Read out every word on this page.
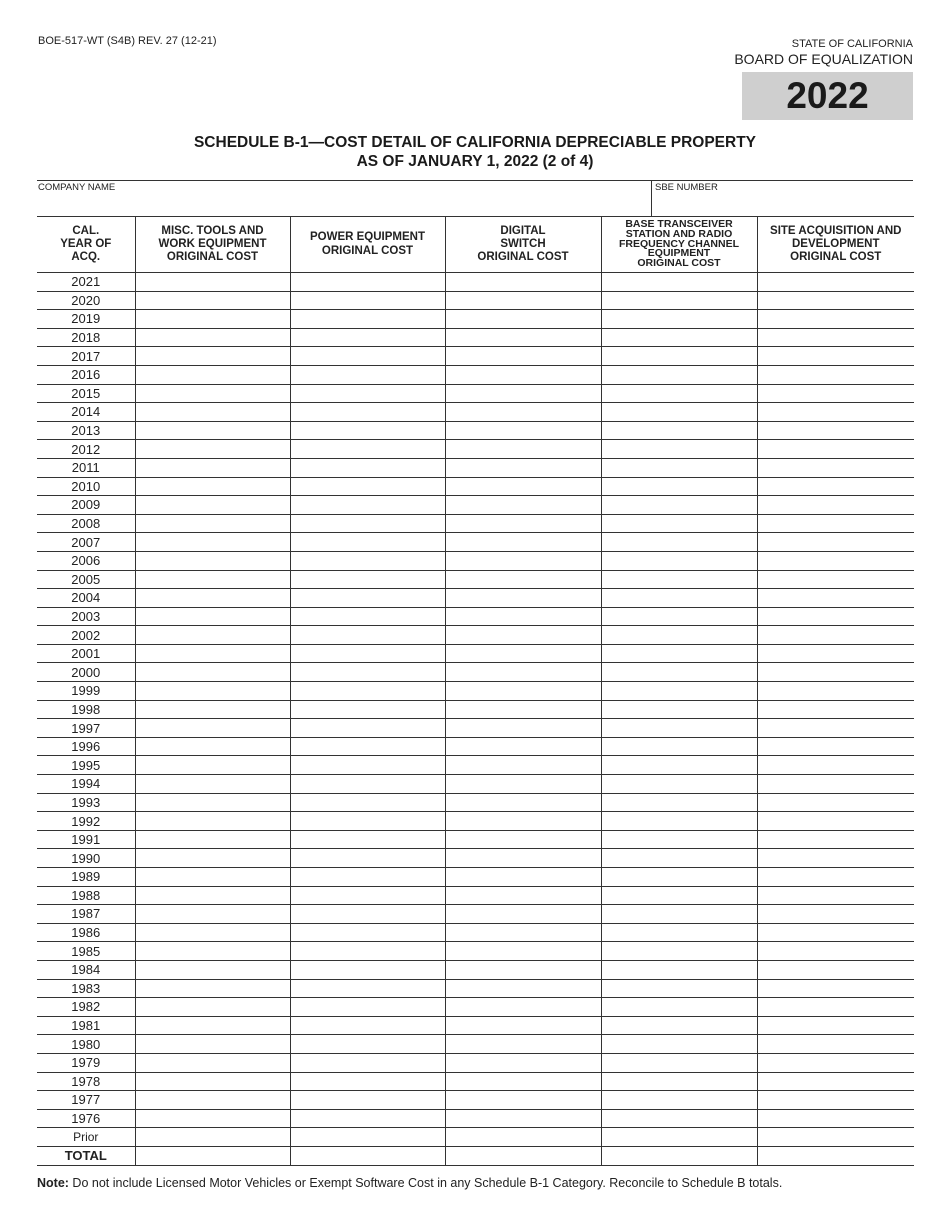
BOE-517-WT (S4B) REV. 27 (12-21)	STATE OF CALIFORNIA
BOARD OF EQUALIZATION
2022
SCHEDULE B-1—COST DETAIL OF CALIFORNIA DEPRECIABLE PROPERTY
AS OF JANUARY 1, 2022 (2 of 4)
COMPANY NAME	SBE NUMBER
CAL.
YEAR OF
ACQ.	MISC. TOOLS AND
WORK EQUIPMENT
ORIGINAL COST	POWER EQUIPMENT
ORIGINAL COST	DIGITAL
SWITCH
ORIGINAL COST	BASE TRANSCEIVER
STATION AND RADIO
FREQUENCY CHANNEL
EQUIPMENT
ORIGINAL COST	SITE ACQUISITION AND
DEVELOPMENT
ORIGINAL COST
2021					
2020					
2019					
2018					
2017					
2016					
2015					
2014					
2013					
2012					
2011					
2010					
2009					
2008					
2007					
2006					
2005					
2004					
2003					
2002					
2001					
2000					
1999					
1998					
1997					
1996					
1995					
1994					
1993					
1992					
1991					
1990					
1989					
1988					
1987					
1986					
1985					
1984					
1983					
1982					
1981					
1980					
1979					
1978					
1977					
1976					
Prior					
TOTAL					
Note: Do not include Licensed Motor Vehicles or Exempt Software Cost in any Schedule B-1 Category. Reconcile to Schedule B totals.
